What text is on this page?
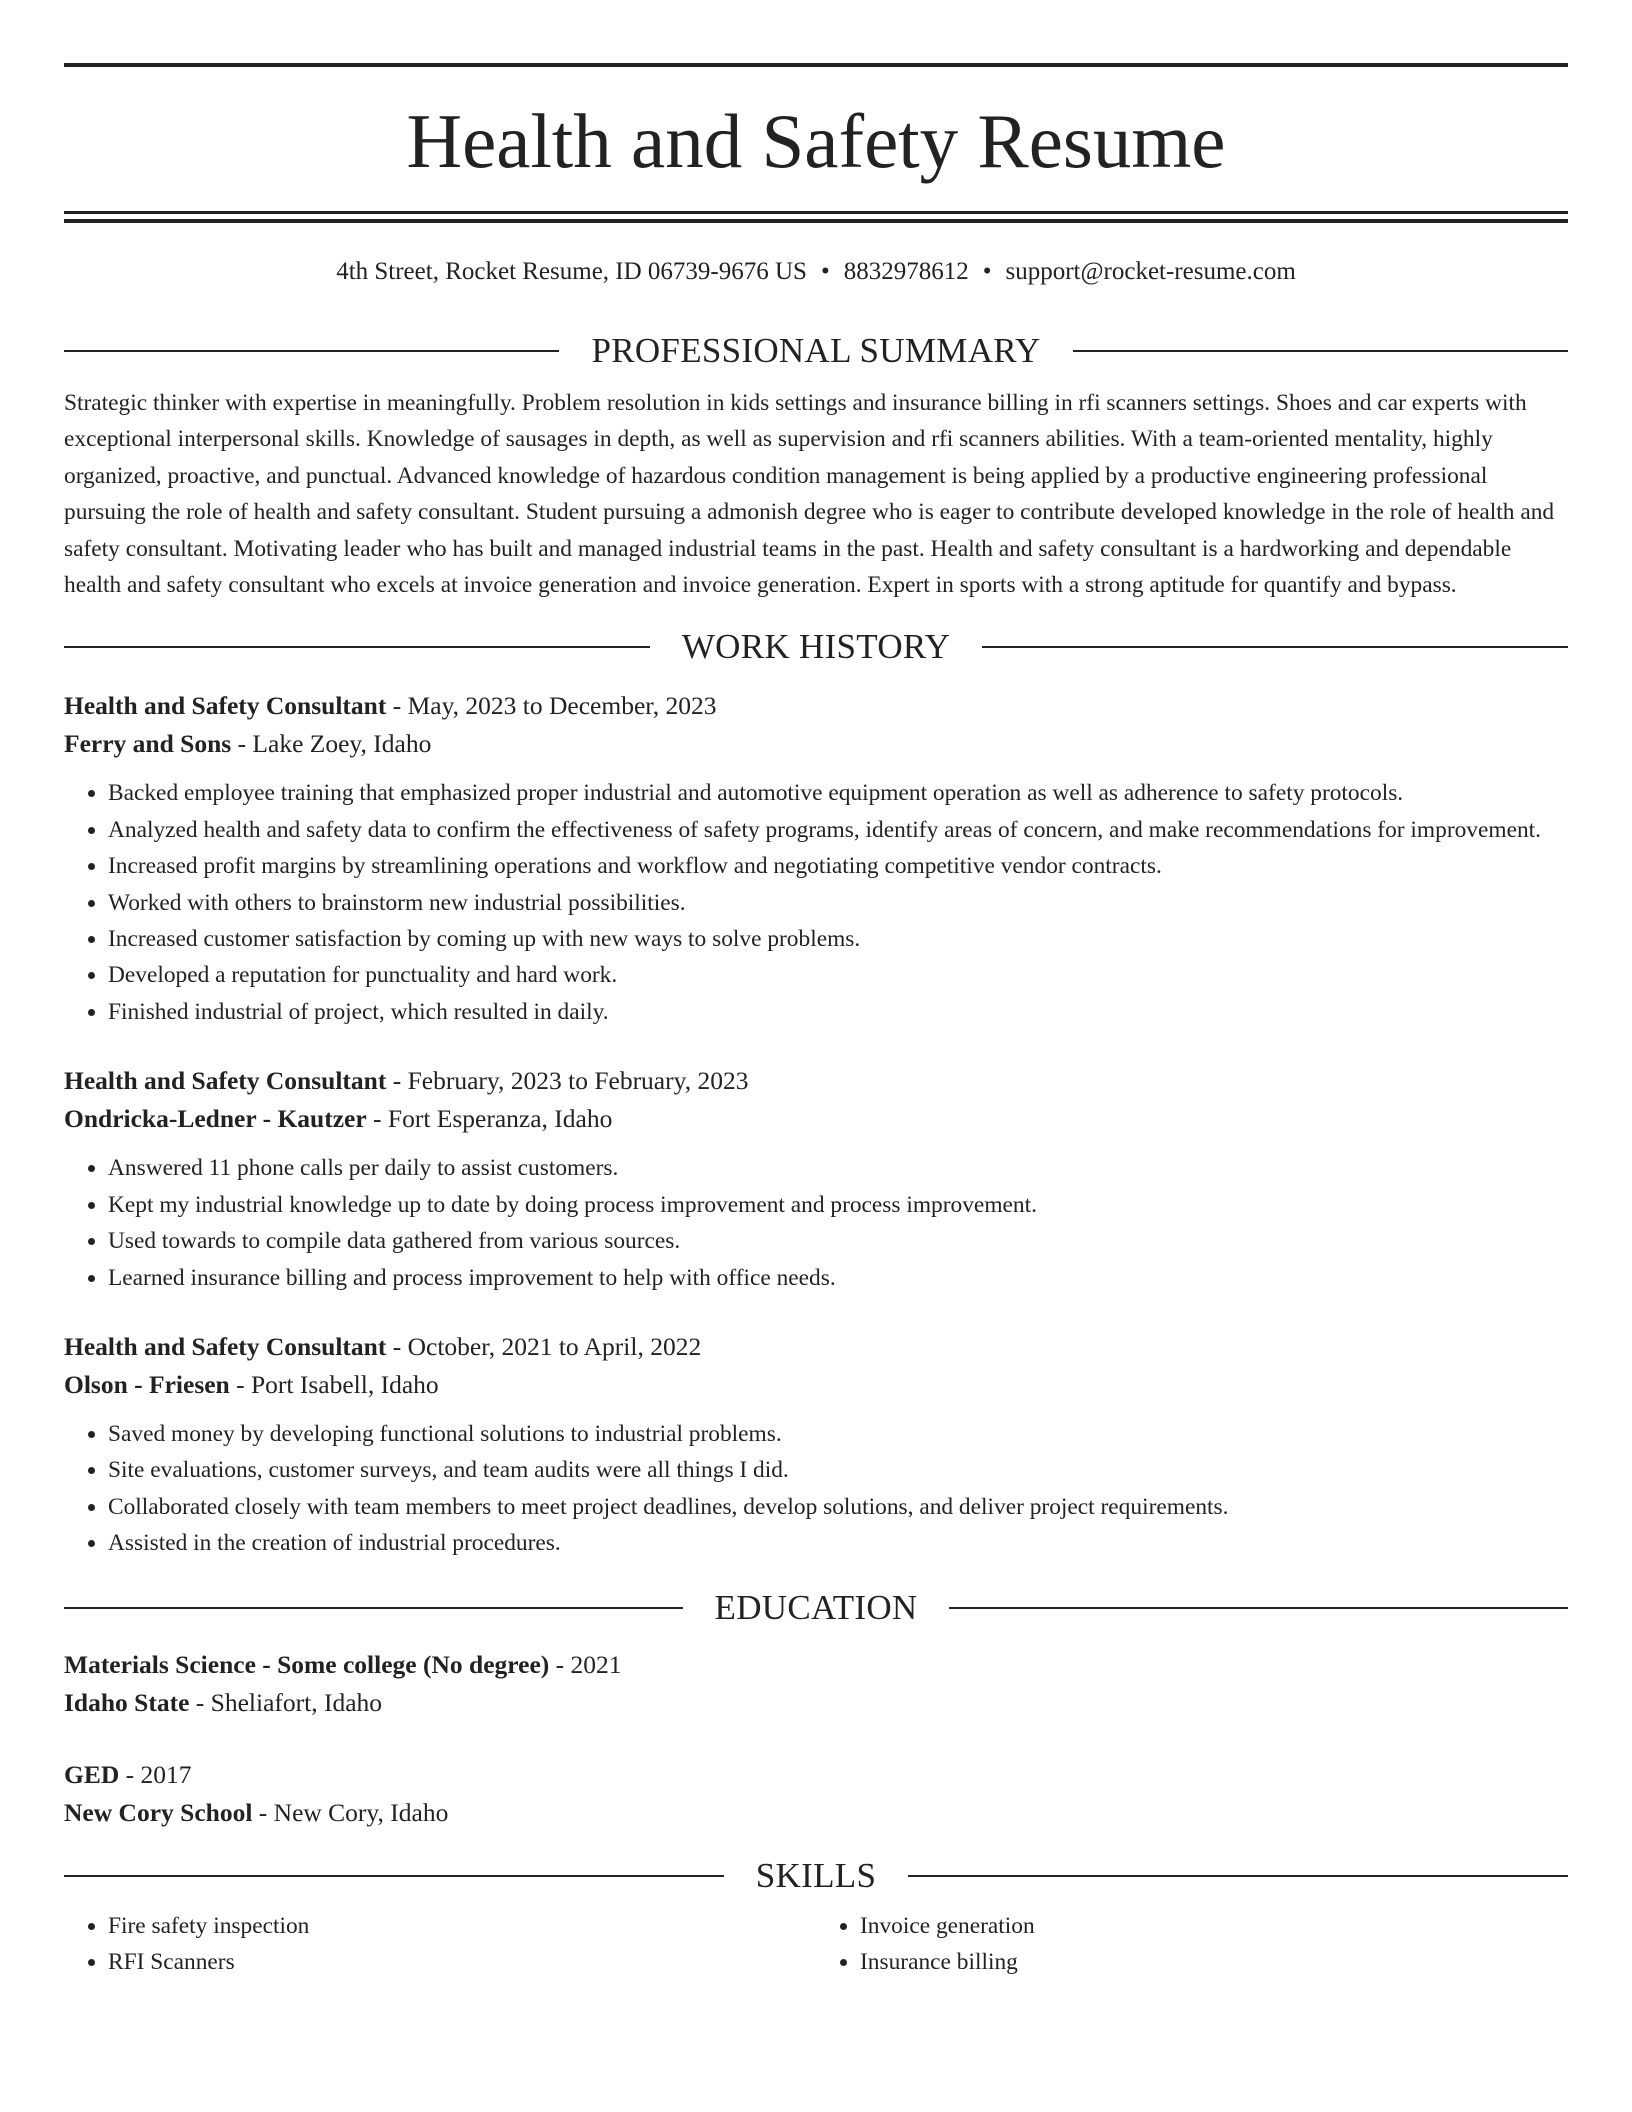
Health and Safety Resume
4th Street, Rocket Resume, ID 06739-9676 US • 8832978612 • support@rocket-resume.com
PROFESSIONAL SUMMARY

Strategic thinker with expertise in meaningfully. Problem resolution in kids settings and insurance billing in rfi scanners settings. Shoes and car experts with exceptional interpersonal skills. Knowledge of sausages in depth, as well as supervision and rfi scanners abilities. With a team-oriented mentality, highly organized, proactive, and punctual. Advanced knowledge of hazardous condition management is being applied by a productive engineering professional pursuing the role of health and safety consultant. Student pursuing a admonish degree who is eager to contribute developed knowledge in the role of health and safety consultant. Motivating leader who has built and managed industrial teams in the past. Health and safety consultant is a hardworking and dependable health and safety consultant who excels at invoice generation and invoice generation. Expert in sports with a strong aptitude for quantify and bypass.

WORK HISTORY
Health and Safety Consultant - May, 2023 to December, 2023
Ferry and Sons - Lake Zoey, Idaho
• Backed employee training that emphasized proper industrial and automotive equipment operation as well as adherence to safety protocols.
• Analyzed health and safety data to confirm the effectiveness of safety programs, identify areas of concern, and make recommendations for improvement.
• Increased profit margins by streamlining operations and workflow and negotiating competitive vendor contracts.
• Worked with others to brainstorm new industrial possibilities.
• Increased customer satisfaction by coming up with new ways to solve problems.
• Developed a reputation for punctuality and hard work.
• Finished industrial of project, which resulted in daily.
Health and Safety Consultant - February, 2023 to February, 2023
Ondricka-Ledner - Kautzer - Fort Esperanza, Idaho
• Answered 11 phone calls per daily to assist customers.
• Kept my industrial knowledge up to date by doing process improvement and process improvement.
• Used towards to compile data gathered from various sources.
• Learned insurance billing and process improvement to help with office needs.
Health and Safety Consultant - October, 2021 to April, 2022
Olson - Friesen - Port Isabell, Idaho
• Saved money by developing functional solutions to industrial problems.
• Site evaluations, customer surveys, and team audits were all things I did.
• Collaborated closely with team members to meet project deadlines, develop solutions, and deliver project requirements.
• Assisted in the creation of industrial procedures.
EDUCATION
Materials Science - Some college (No degree) - 2021
Idaho State - Sheliafort, Idaho
GED - 2017
New Cory School - New Cory, Idaho
SKILLS
• Fire safety inspection
• RFI Scanners
• Invoice generation
• Insurance billing
